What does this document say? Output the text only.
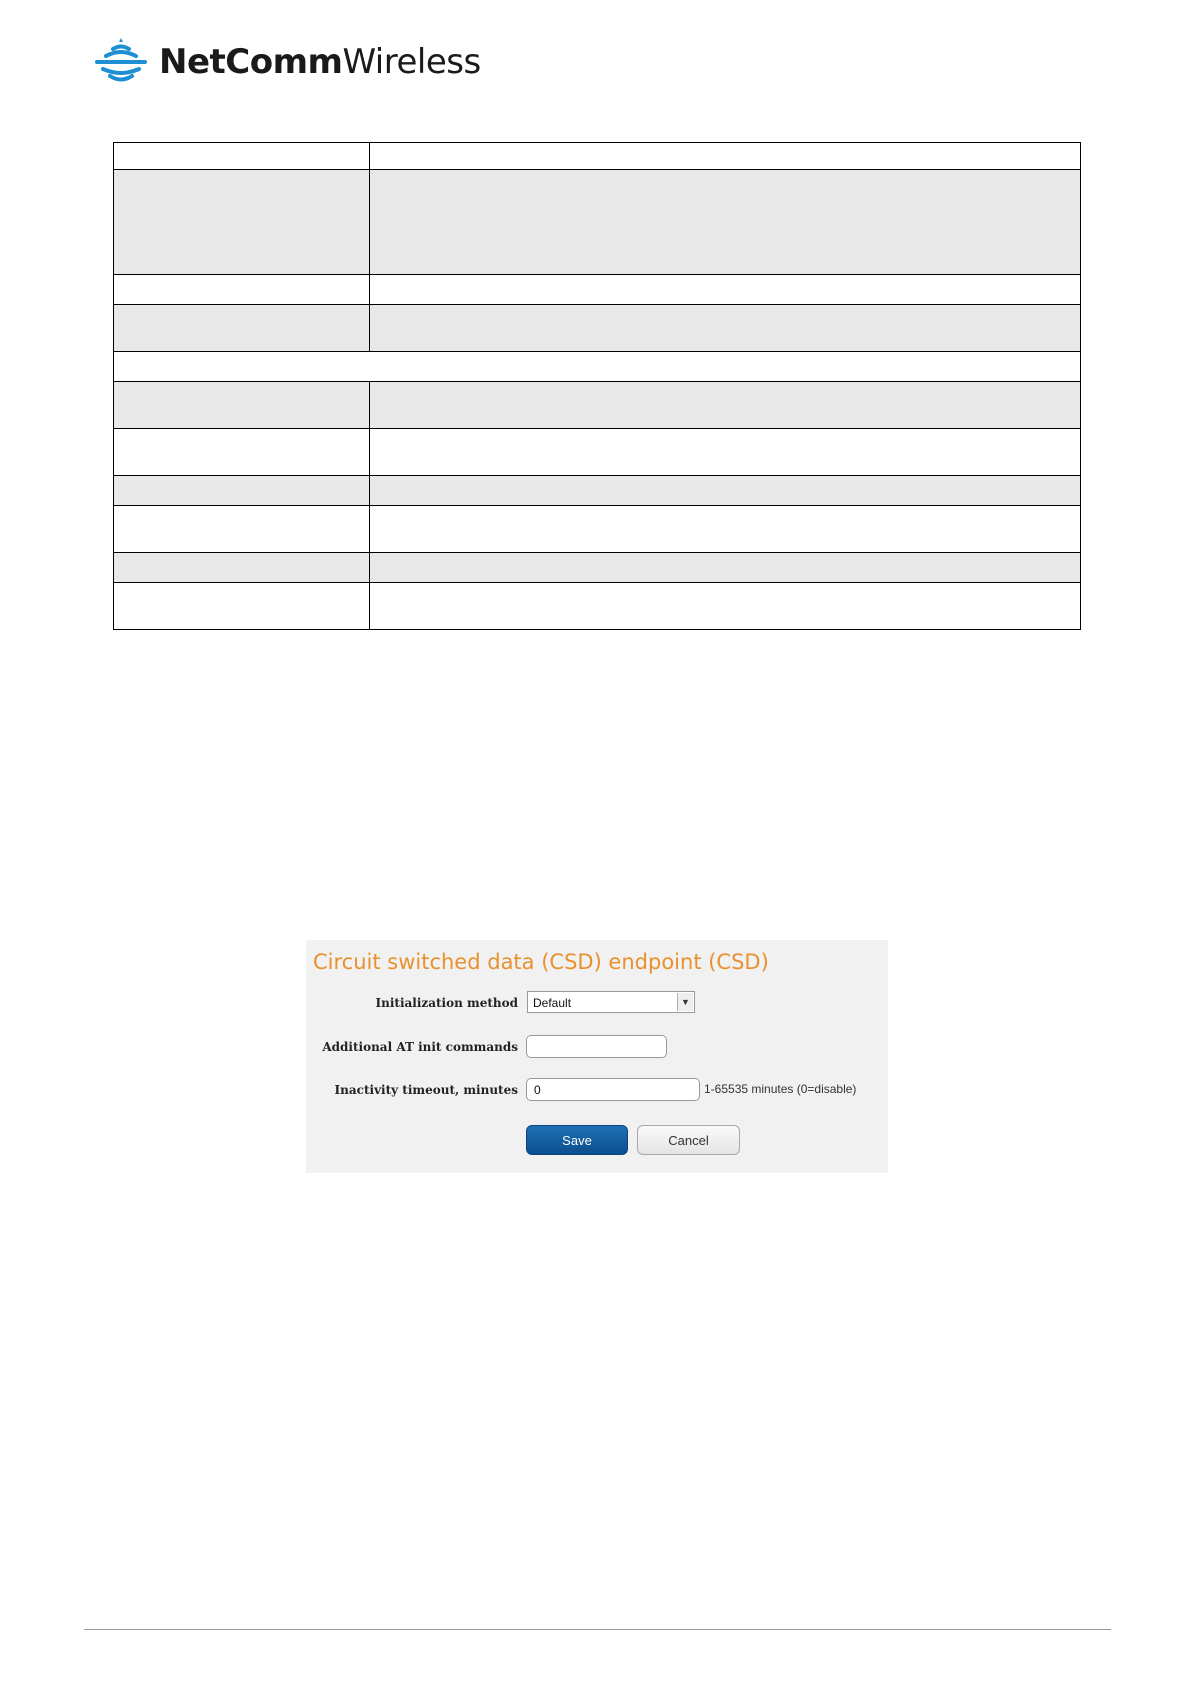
NetCommWireless

Circuit switched data (CSD) endpoint (CSD)
Initialization method Default	▼
Additional AT init commands
Inactivity timeout, minutes 0	1-65535 minutes (0=disable)
Save	Cancel
